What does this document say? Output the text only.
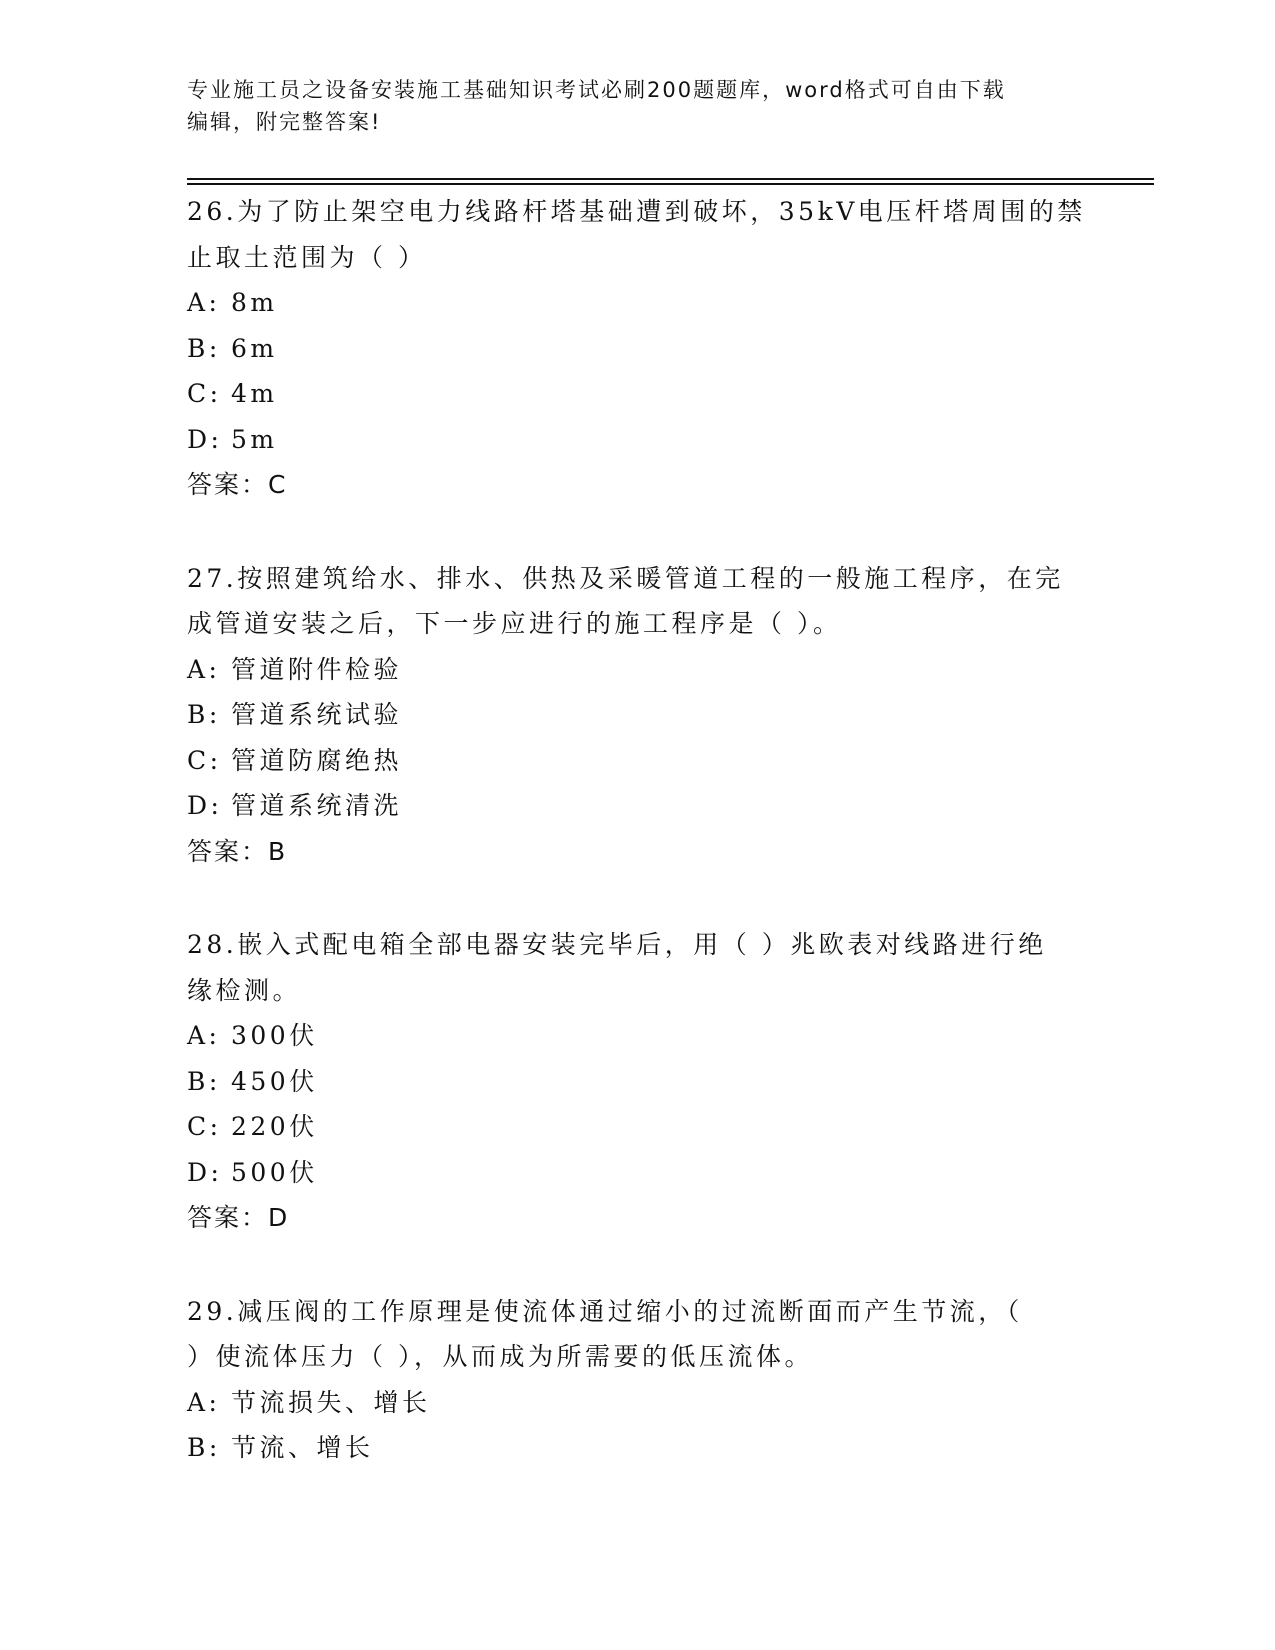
专业施工员之设备安装施工基础知识考试必刷200题题库，word格式可自由下载
编辑，附完整答案!
26.为了防止架空电力线路杆塔基础遭到破坏，35kV电压杆塔周围的禁
止取土范围为（ ）
A: 8m
B: 6m
C: 4m
D: 5m
答案：C
27.按照建筑给水、排水、供热及采暖管道工程的一般施工程序，在完
成管道安装之后，下一步应进行的施工程序是（ ）。
A: 管道附件检验
B: 管道系统试验
C: 管道防腐绝热
D: 管道系统清洗
答案：B
28.嵌入式配电箱全部电器安装完毕后，用（ ）兆欧表对线路进行绝
缘检测。
A: 300伏
B: 450伏
C: 220伏
D: 500伏
答案：D
29.减压阀的工作原理是使流体通过缩小的过流断面而产生节流，（
）使流体压力（ ），从而成为所需要的低压流体。
A: 节流损失、增长
B: 节流、增长
